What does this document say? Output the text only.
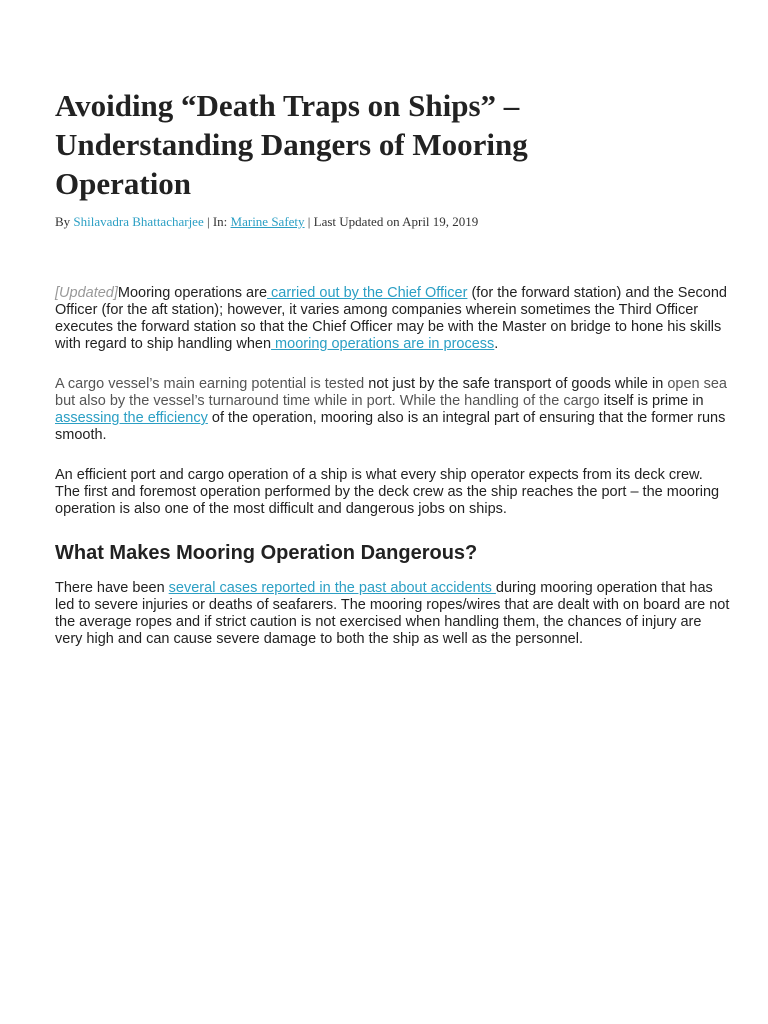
Avoiding “Death Traps on Ships” – Understanding Dangers of Mooring Operation
By Shilavadra Bhattacharjee | In: Marine Safety | Last Updated on April 19, 2019

[Updated]Mooring operations are carried out by the Chief Officer (for the forward station) and the Second Officer (for the aft station); however, it varies among companies wherein sometimes the Third Officer executes the forward station so that the Chief Officer may be with the Master on bridge to hone his skills with regard to ship handling when mooring operations are in process.

A cargo vessel’s main earning potential is tested not just by the safe transport of goods while in open sea but also by the vessel’s turnaround time while in port. While the handling of the cargo itself is prime in assessing the efficiency of the operation, mooring also is an integral part of ensuring that the former runs smooth.

An efficient port and cargo operation of a ship is what every ship operator expects from its deck crew. The first and foremost operation performed by the deck crew as the ship reaches the port – the mooring operation is also one of the most difficult and dangerous jobs on ships.

What Makes Mooring Operation Dangerous?

There have been several cases reported in the past about accidents during mooring operation that has led to severe injuries or deaths of seafarers. The mooring ropes/wires that are dealt with on board are not the average ropes and if strict caution is not exercised when handling them, the chances of injury are very high and can cause severe damage to both the ship as well as the personnel.
